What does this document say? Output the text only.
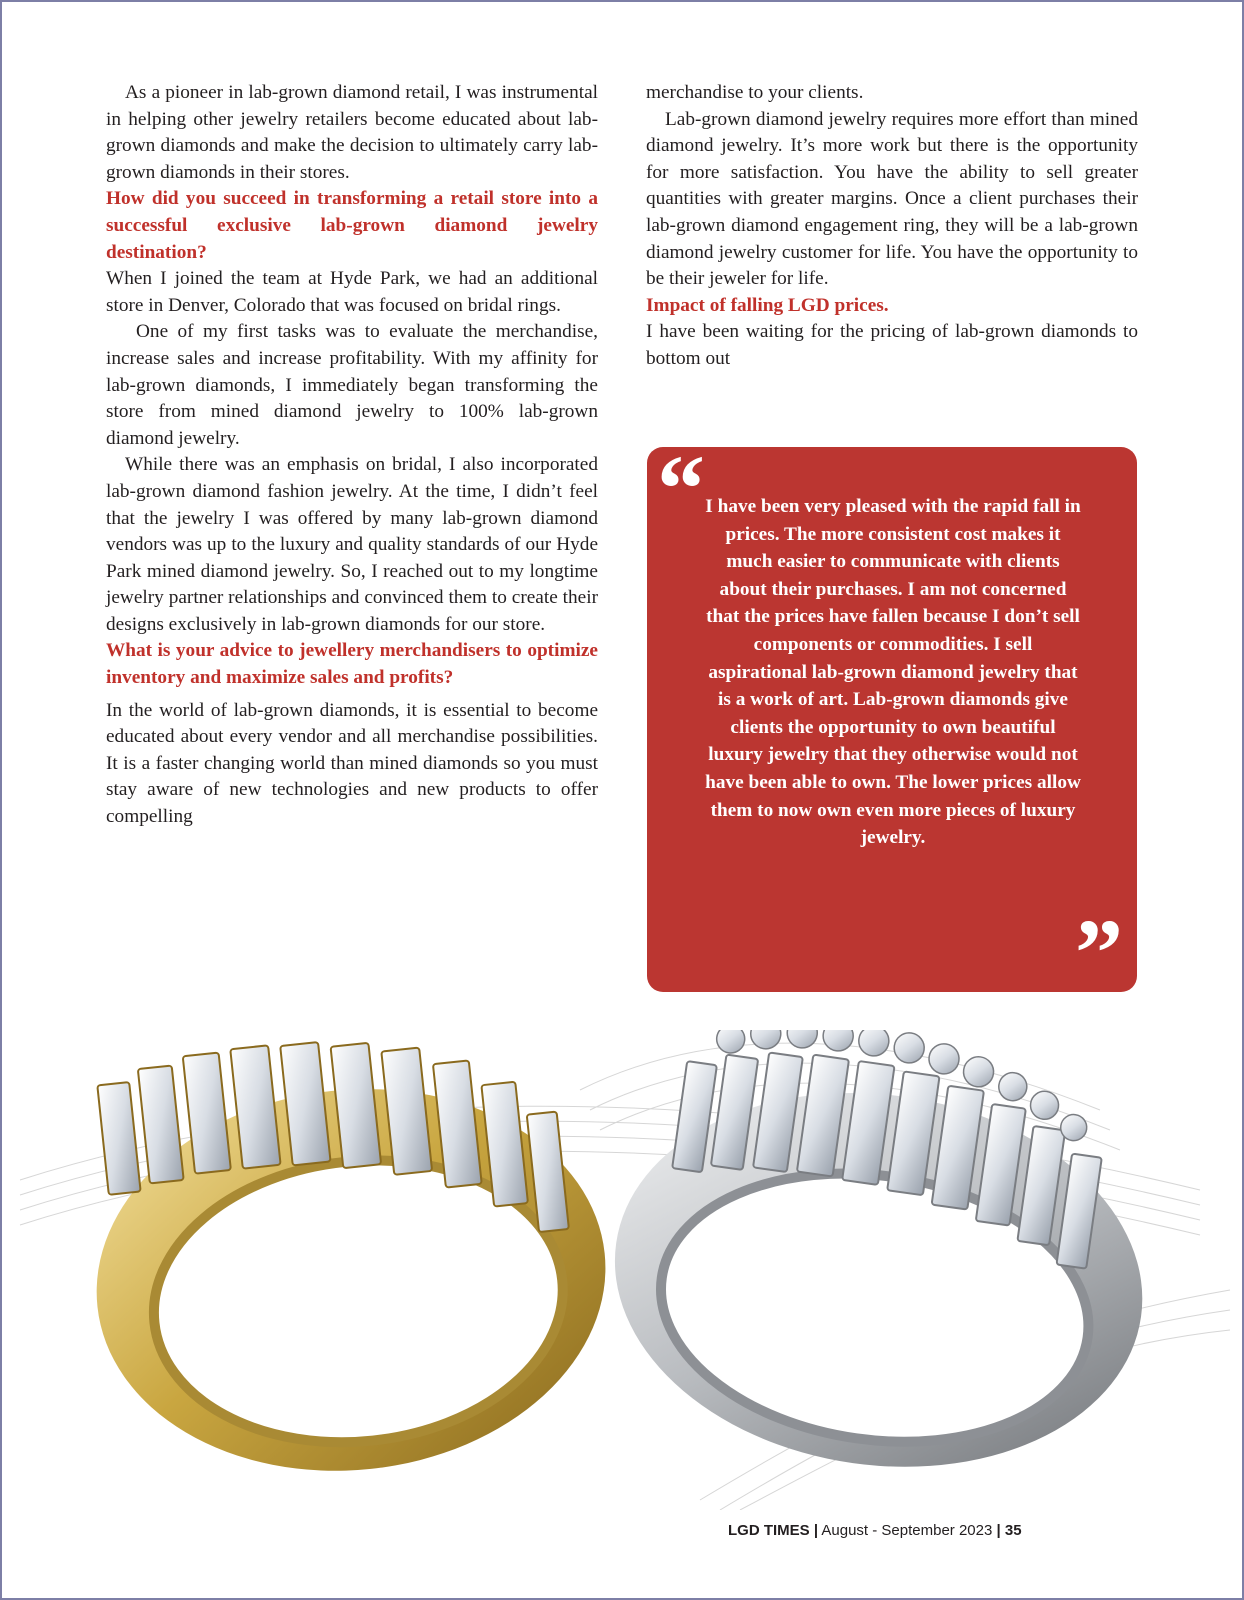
As a pioneer in lab-grown diamond retail, I was instrumental in helping other jewelry retailers become educated about lab-grown diamonds and make the decision to ultimately carry lab-grown diamonds in their stores.

How did you succeed in transforming a retail store into a successful exclusive lab-grown diamond jewelry destination?

When I joined the team at Hyde Park, we had an additional store in Denver, Colorado that was focused on bridal rings.

One of my first tasks was to evaluate the merchandise, increase sales and increase profitability. With my affinity for lab-grown diamonds, I immediately began transforming the store from mined diamond jewelry to 100% lab-grown diamond jewelry.

While there was an emphasis on bridal, I also incorporated lab-grown diamond fashion jewelry. At the time, I didn’t feel that the jewelry I was offered by many lab-grown diamond vendors was up to the luxury and quality standards of our Hyde Park mined diamond jewelry. So, I reached out to my longtime jewelry partner relationships and convinced them to create their designs exclusively in lab-grown diamonds for our store.

What is your advice to jewellery merchandisers to optimize inventory and maximize sales and profits?

In the world of lab-grown diamonds, it is essential to become educated about every vendor and all merchandise possibilities. It is a faster changing world than mined diamonds so you must stay aware of new technologies and new products to offer compelling

merchandise to your clients.

Lab-grown diamond jewelry requires more effort than mined diamond jewelry. It’s more work but there is the opportunity for more satisfaction. You have the ability to sell greater quantities with greater margins. Once a client purchases their lab-grown diamond engagement ring, they will be a lab-grown diamond jewelry customer for life. You have the opportunity to be their jeweler for life.

Impact of falling LGD prices.

I have been waiting for the pricing of lab-grown diamonds to bottom out

“ I have been very pleased with the rapid fall in prices. The more consistent cost makes it much easier to communicate with clients about their purchases. I am not concerned that the prices have fallen because I don’t sell components or commodities. I sell aspirational lab-grown diamond jewelry that is a work of art. Lab-grown diamonds give clients the opportunity to own beautiful luxury jewelry that they otherwise would not have been able to own. The lower prices allow them to now own even more pieces of luxury jewelry.

”
LGD TIMES | August - September 2023 | 35
